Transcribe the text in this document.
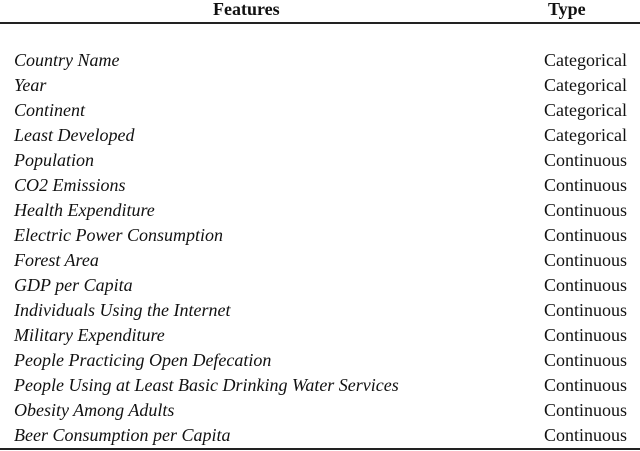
Features	Type
Country Name	Categorical
Year	Categorical
Continent	Categorical
Least Developed	Categorical
Population	Continuous
CO2 Emissions	Continuous
Health Expenditure	Continuous
Electric Power Consumption	Continuous
Forest Area	Continuous
GDP per Capita	Continuous
Individuals Using the Internet	Continuous
Military Expenditure	Continuous
People Practicing Open Defecation	Continuous
People Using at Least Basic Drinking Water Services	Continuous
Obesity Among Adults	Continuous
Beer Consumption per Capita	Continuous
